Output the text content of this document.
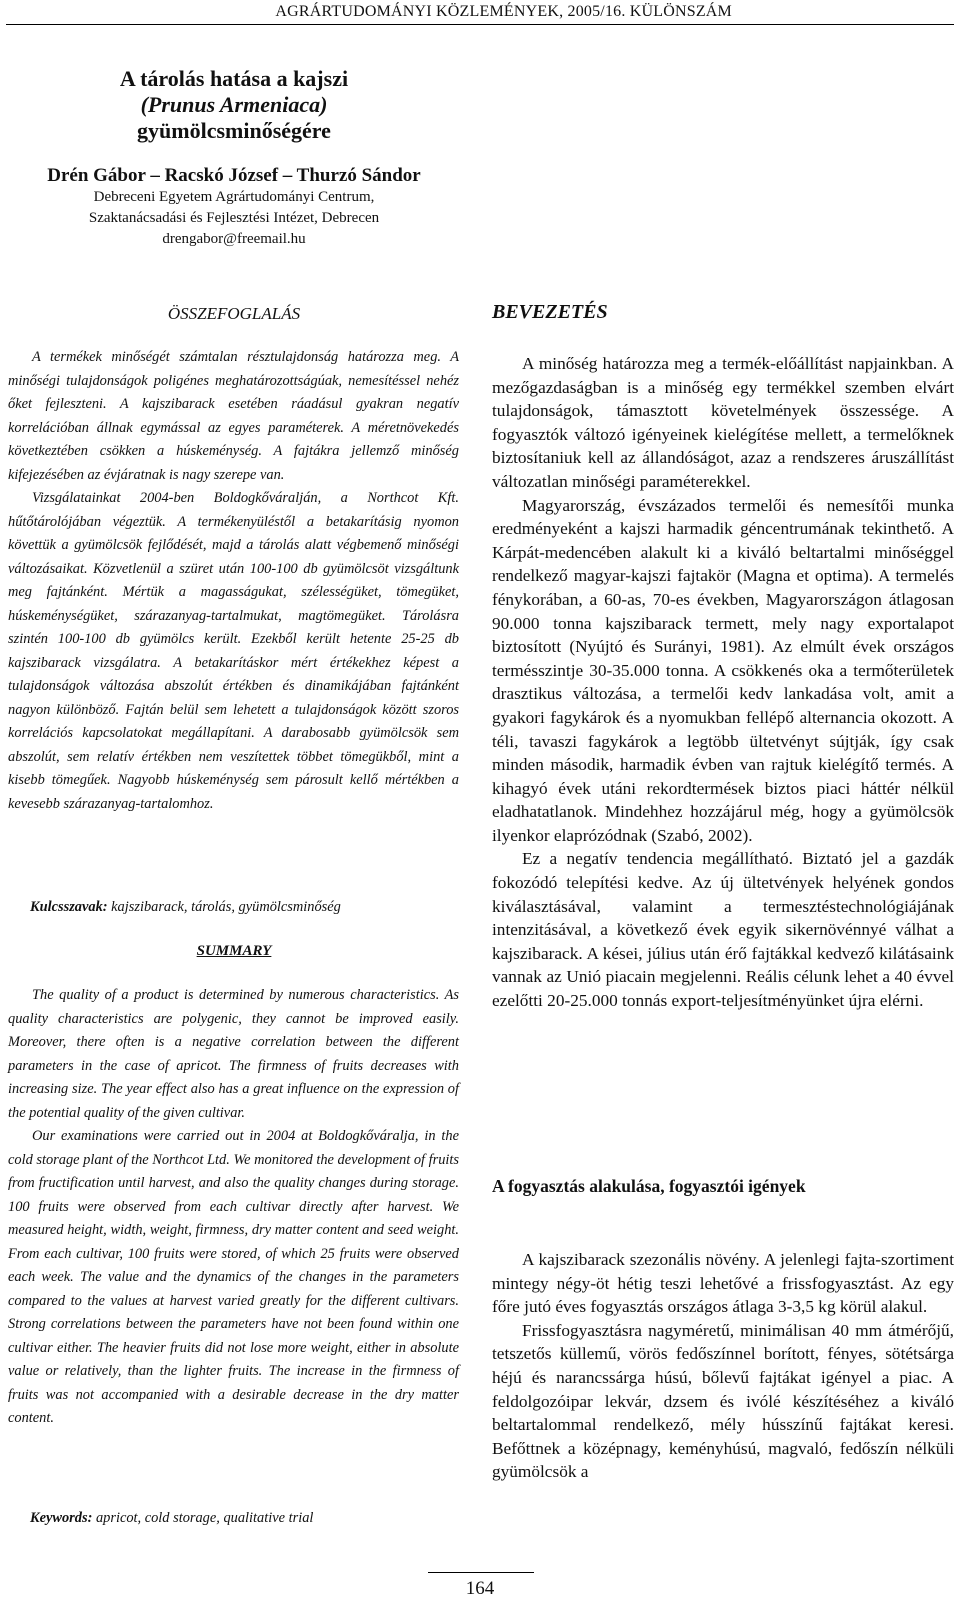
AGRÁRTUDOMÁNYI KÖZLEMÉNYEK, 2005/16. KÜLÖNSZÁM

A tárolás hatása a kajszi

(Prunus Armeniaca)

gyümölcsminőségére

Drén Gábor – Racskó József – Thurzó Sándor
Debreceni Egyetem Agrártudományi Centrum,
Szaktanácsadási és Fejlesztési Intézet, Debrecen
drengabor@freemail.hu
ÖSSZEFOGLALÁS

A termékek minőségét számtalan résztulajdonság határozza meg. A minőségi tulajdonságok poligénes meghatározottságúak, nemesítéssel nehéz őket fejleszteni. A kajszibarack esetében ráadásul gyakran negatív korrelációban állnak egymással az egyes paraméterek. A méretnövekedés következtében csökken a húskeménység. A fajtákra jellemző minőség kifejezésében az évjáratnak is nagy szerepe van.

Vizsgálatainkat 2004-ben Boldogkőváralján, a Northcot Kft. hűtőtárolójában végeztük. A termékenyüléstől a betakarításig nyomon követtük a gyümölcsök fejlődését, majd a tárolás alatt végbemenő minőségi változásaikat. Közvetlenül a szüret után 100-100 db gyümölcsöt vizsgáltunk meg fajtánként. Mértük a magasságukat, szélességüket, tömegüket, húskeménységüket, szárazanyag-tartalmukat, magtömegüket. Tárolásra szintén 100-100 db gyümölcs került. Ezekből került hetente 25-25 db kajszibarack vizsgálatra. A betakarításkor mért értékekhez képest a tulajdonságok változása abszolút értékben és dinamikájában fajtánként nagyon különböző. Fajtán belül sem lehetett a tulajdonságok között szoros korrelációs kapcsolatokat megállapítani. A darabosabb gyümölcsök sem abszolút, sem relatív értékben nem veszítettek többet tömegükből, mint a kisebb tömegűek. Nagyobb húskeménység sem párosult kellő mértékben a kevesebb szárazanyag-tartalomhoz.

Kulcsszavak: kajszibarack, tárolás, gyümölcsminőség
SUMMARY

The quality of a product is determined by numerous characteristics. As quality characteristics are polygenic, they cannot be improved easily. Moreover, there often is a negative correlation between the different parameters in the case of apricot. The firmness of fruits decreases with increasing size. The year effect also has a great influence on the expression of the potential quality of the given cultivar.

Our examinations were carried out in 2004 at Boldogkőváralja, in the cold storage plant of the Northcot Ltd. We monitored the development of fruits from fructification until harvest, and also the quality changes during storage. 100 fruits were observed from each cultivar directly after harvest. We measured height, width, weight, firmness, dry matter content and seed weight. From each cultivar, 100 fruits were stored, of which 25 fruits were observed each week. The value and the dynamics of the changes in the parameters compared to the values at harvest varied greatly for the different cultivars. Strong correlations between the parameters have not been found within one cultivar either. The heavier fruits did not lose more weight, either in absolute value or relatively, than the lighter fruits. The increase in the firmness of fruits was not accompanied with a desirable decrease in the dry matter content.

Keywords: apricot, cold storage, qualitative trial
BEVEZETÉS

A minőség határozza meg a termék-előállítást napjainkban. A mezőgazdaságban is a minőség egy termékkel szemben elvárt tulajdonságok, támasztott követelmények összessége. A fogyasztók változó igényeinek kielégítése mellett, a termelőknek biztosítaniuk kell az állandóságot, azaz a rendszeres áruszállítást változatlan minőségi paraméterekkel.

Magyarország, évszázados termelői és nemesítői munka eredményeként a kajszi harmadik géncentrumának tekinthető. A Kárpát-medencében alakult ki a kiváló beltartalmi minőséggel rendelkező magyar-kajszi fajtakör (Magna et optima). A termelés fénykorában, a 60-as, 70-es években, Magyarországon átlagosan 90.000 tonna kajszibarack termett, mely nagy exportalapot biztosított (Nyújtó és Surányi, 1981). Az elmúlt évek országos termésszintje 30-35.000 tonna. A csökkenés oka a termőterületek drasztikus változása, a termelői kedv lankadása volt, amit a gyakori fagykárok és a nyomukban fellépő alternancia okozott. A téli, tavaszi fagykárok a legtöbb ültetvényt sújtják, így csak minden második, harmadik évben van rajtuk kielégítő termés. A kihagyó évek utáni rekordtermések biztos piaci háttér nélkül eladhatatlanok. Mindehhez hozzájárul még, hogy a gyümölcsök ilyenkor elaprózódnak (Szabó, 2002).

Ez a negatív tendencia megállítható. Biztató jel a gazdák fokozódó telepítési kedve. Az új ültetvények helyének gondos kiválasztásával, valamint a termesztéstechnológiájának intenzitásával, a következő évek egyik sikernövénnyé válhat a kajszibarack. A kései, július után érő fajtákkal kedvező kilátásaink vannak az Unió piacain megjelenni. Reális célunk lehet a 40 évvel ezelőtti 20-25.000 tonnás export-teljesítményünket újra elérni.

A fogyasztás alakulása, fogyasztói igények

A kajszibarack szezonális növény. A jelenlegi fajta-szortiment mintegy négy-öt hétig teszi lehetővé a frissfogyasztást. Az egy főre jutó éves fogyasztás országos átlaga 3-3,5 kg körül alakul.

Frissfogyasztásra nagyméretű, minimálisan 40 mm átmérőjű, tetszetős küllemű, vörös fedőszínnel borított, fényes, sötétsárga héjú és narancssárga húsú, bőlevű fajtákat igényel a piac. A feldolgozóipar lekvár, dzsem és ivólé készítéséhez a kiváló beltartalommal rendelkező, mély hússzínű fajtákat keresi. Befőttnek a középnagy, keményhúsú, magvaló, fedőszín nélküli gyümölcsök a

164
